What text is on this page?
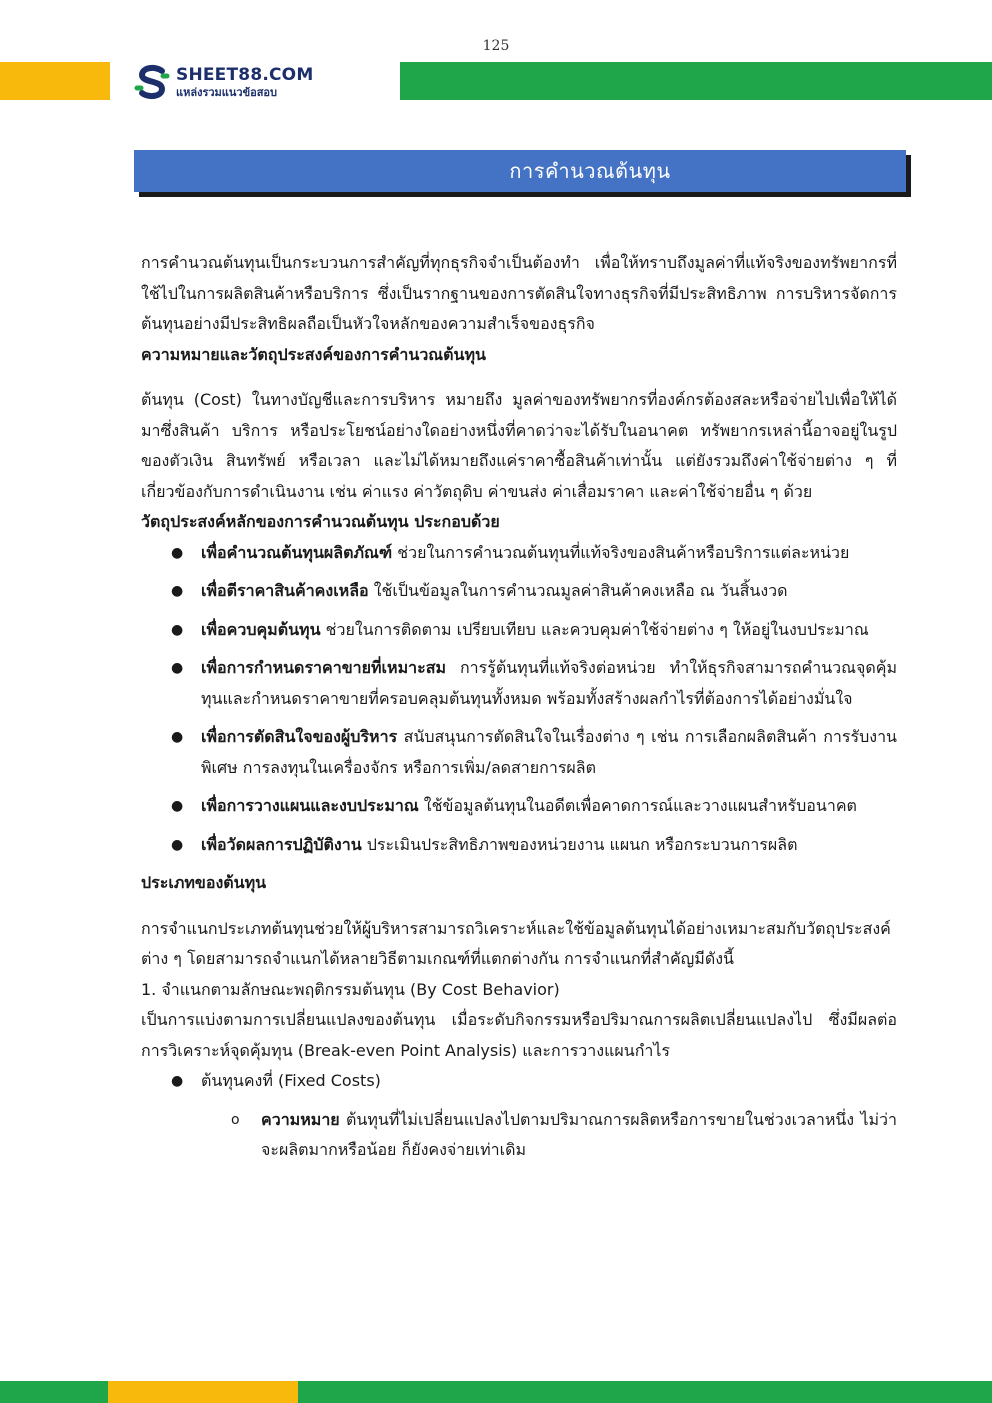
125
SHEET88.COM
แหล่งรวมแนวข้อสอบ
การคำนวณต้นทุน

การคำนวณต้นทุนเป็นกระบวนการสำคัญที่ทุกธุรกิจจำเป็นต้องทำ เพื่อให้ทราบถึงมูลค่าที่แท้จริงของทรัพยากรที่ใช้ไปในการผลิตสินค้าหรือบริการ ซึ่งเป็นรากฐานของการตัดสินใจทางธุรกิจที่มีประสิทธิภาพ การบริหารจัดการต้นทุนอย่างมีประสิทธิผลถือเป็นหัวใจหลักของความสำเร็จของธุรกิจ

ความหมายและวัตถุประสงค์ของการคำนวณต้นทุน

ต้นทุน (Cost) ในทางบัญชีและการบริหาร หมายถึง มูลค่าของทรัพยากรที่องค์กรต้องสละหรือจ่ายไปเพื่อให้ได้มาซึ่งสินค้า บริการ หรือประโยชน์อย่างใดอย่างหนึ่งที่คาดว่าจะได้รับในอนาคต ทรัพยากรเหล่านี้อาจอยู่ในรูปของตัวเงิน สินทรัพย์ หรือเวลา และไม่ได้หมายถึงแค่ราคาซื้อสินค้าเท่านั้น แต่ยังรวมถึงค่าใช้จ่ายต่าง ๆ ที่เกี่ยวข้องกับการดำเนินงาน เช่น ค่าแรง ค่าวัตถุดิบ ค่าขนส่ง ค่าเสื่อมราคา และค่าใช้จ่ายอื่น ๆ ด้วย

วัตถุประสงค์หลักของการคำนวณต้นทุน ประกอบด้วย

● เพื่อคำนวณต้นทุนผลิตภัณฑ์ ช่วยในการคำนวณต้นทุนที่แท้จริงของสินค้าหรือบริการแต่ละหน่วย
● เพื่อตีราคาสินค้าคงเหลือ ใช้เป็นข้อมูลในการคำนวณมูลค่าสินค้าคงเหลือ ณ วันสิ้นงวด
● เพื่อควบคุมต้นทุน ช่วยในการติดตาม เปรียบเทียบ และควบคุมค่าใช้จ่ายต่าง ๆ ให้อยู่ในงบประมาณ
● เพื่อการกำหนดราคาขายที่เหมาะสม การรู้ต้นทุนที่แท้จริงต่อหน่วย ทำให้ธุรกิจสามารถคำนวณจุดคุ้มทุนและกำหนดราคาขายที่ครอบคลุมต้นทุนทั้งหมด พร้อมทั้งสร้างผลกำไรที่ต้องการได้อย่างมั่นใจ
● เพื่อการตัดสินใจของผู้บริหาร สนับสนุนการตัดสินใจในเรื่องต่าง ๆ เช่น การเลือกผลิตสินค้า การรับงานพิเศษ การลงทุนในเครื่องจักร หรือการเพิ่ม/ลดสายการผลิต
● เพื่อการวางแผนและงบประมาณ ใช้ข้อมูลต้นทุนในอดีตเพื่อคาดการณ์และวางแผนสำหรับอนาคต
● เพื่อวัดผลการปฏิบัติงาน ประเมินประสิทธิภาพของหน่วยงาน แผนก หรือกระบวนการผลิต

ประเภทของต้นทุน

การจำแนกประเภทต้นทุนช่วยให้ผู้บริหารสามารถวิเคราะห์และใช้ข้อมูลต้นทุนได้อย่างเหมาะสมกับวัตถุประสงค์ต่าง ๆ โดยสามารถจำแนกได้หลายวิธีตามเกณฑ์ที่แตกต่างกัน การจำแนกที่สำคัญมีดังนี้

1. จำแนกตามลักษณะพฤติกรรมต้นทุน (By Cost Behavior)

เป็นการแบ่งตามการเปลี่ยนแปลงของต้นทุน เมื่อระดับกิจกรรมหรือปริมาณการผลิตเปลี่ยนแปลงไป ซึ่งมีผลต่อการวิเคราะห์จุดคุ้มทุน (Break-even Point Analysis) และการวางแผนกำไร

● ต้นทุนคงที่ (Fixed Costs)
o ความหมาย ต้นทุนที่ไม่เปลี่ยนแปลงไปตามปริมาณการผลิตหรือการขายในช่วงเวลาหนึ่ง ไม่ว่าจะผลิตมากหรือน้อย ก็ยังคงจ่ายเท่าเดิม
